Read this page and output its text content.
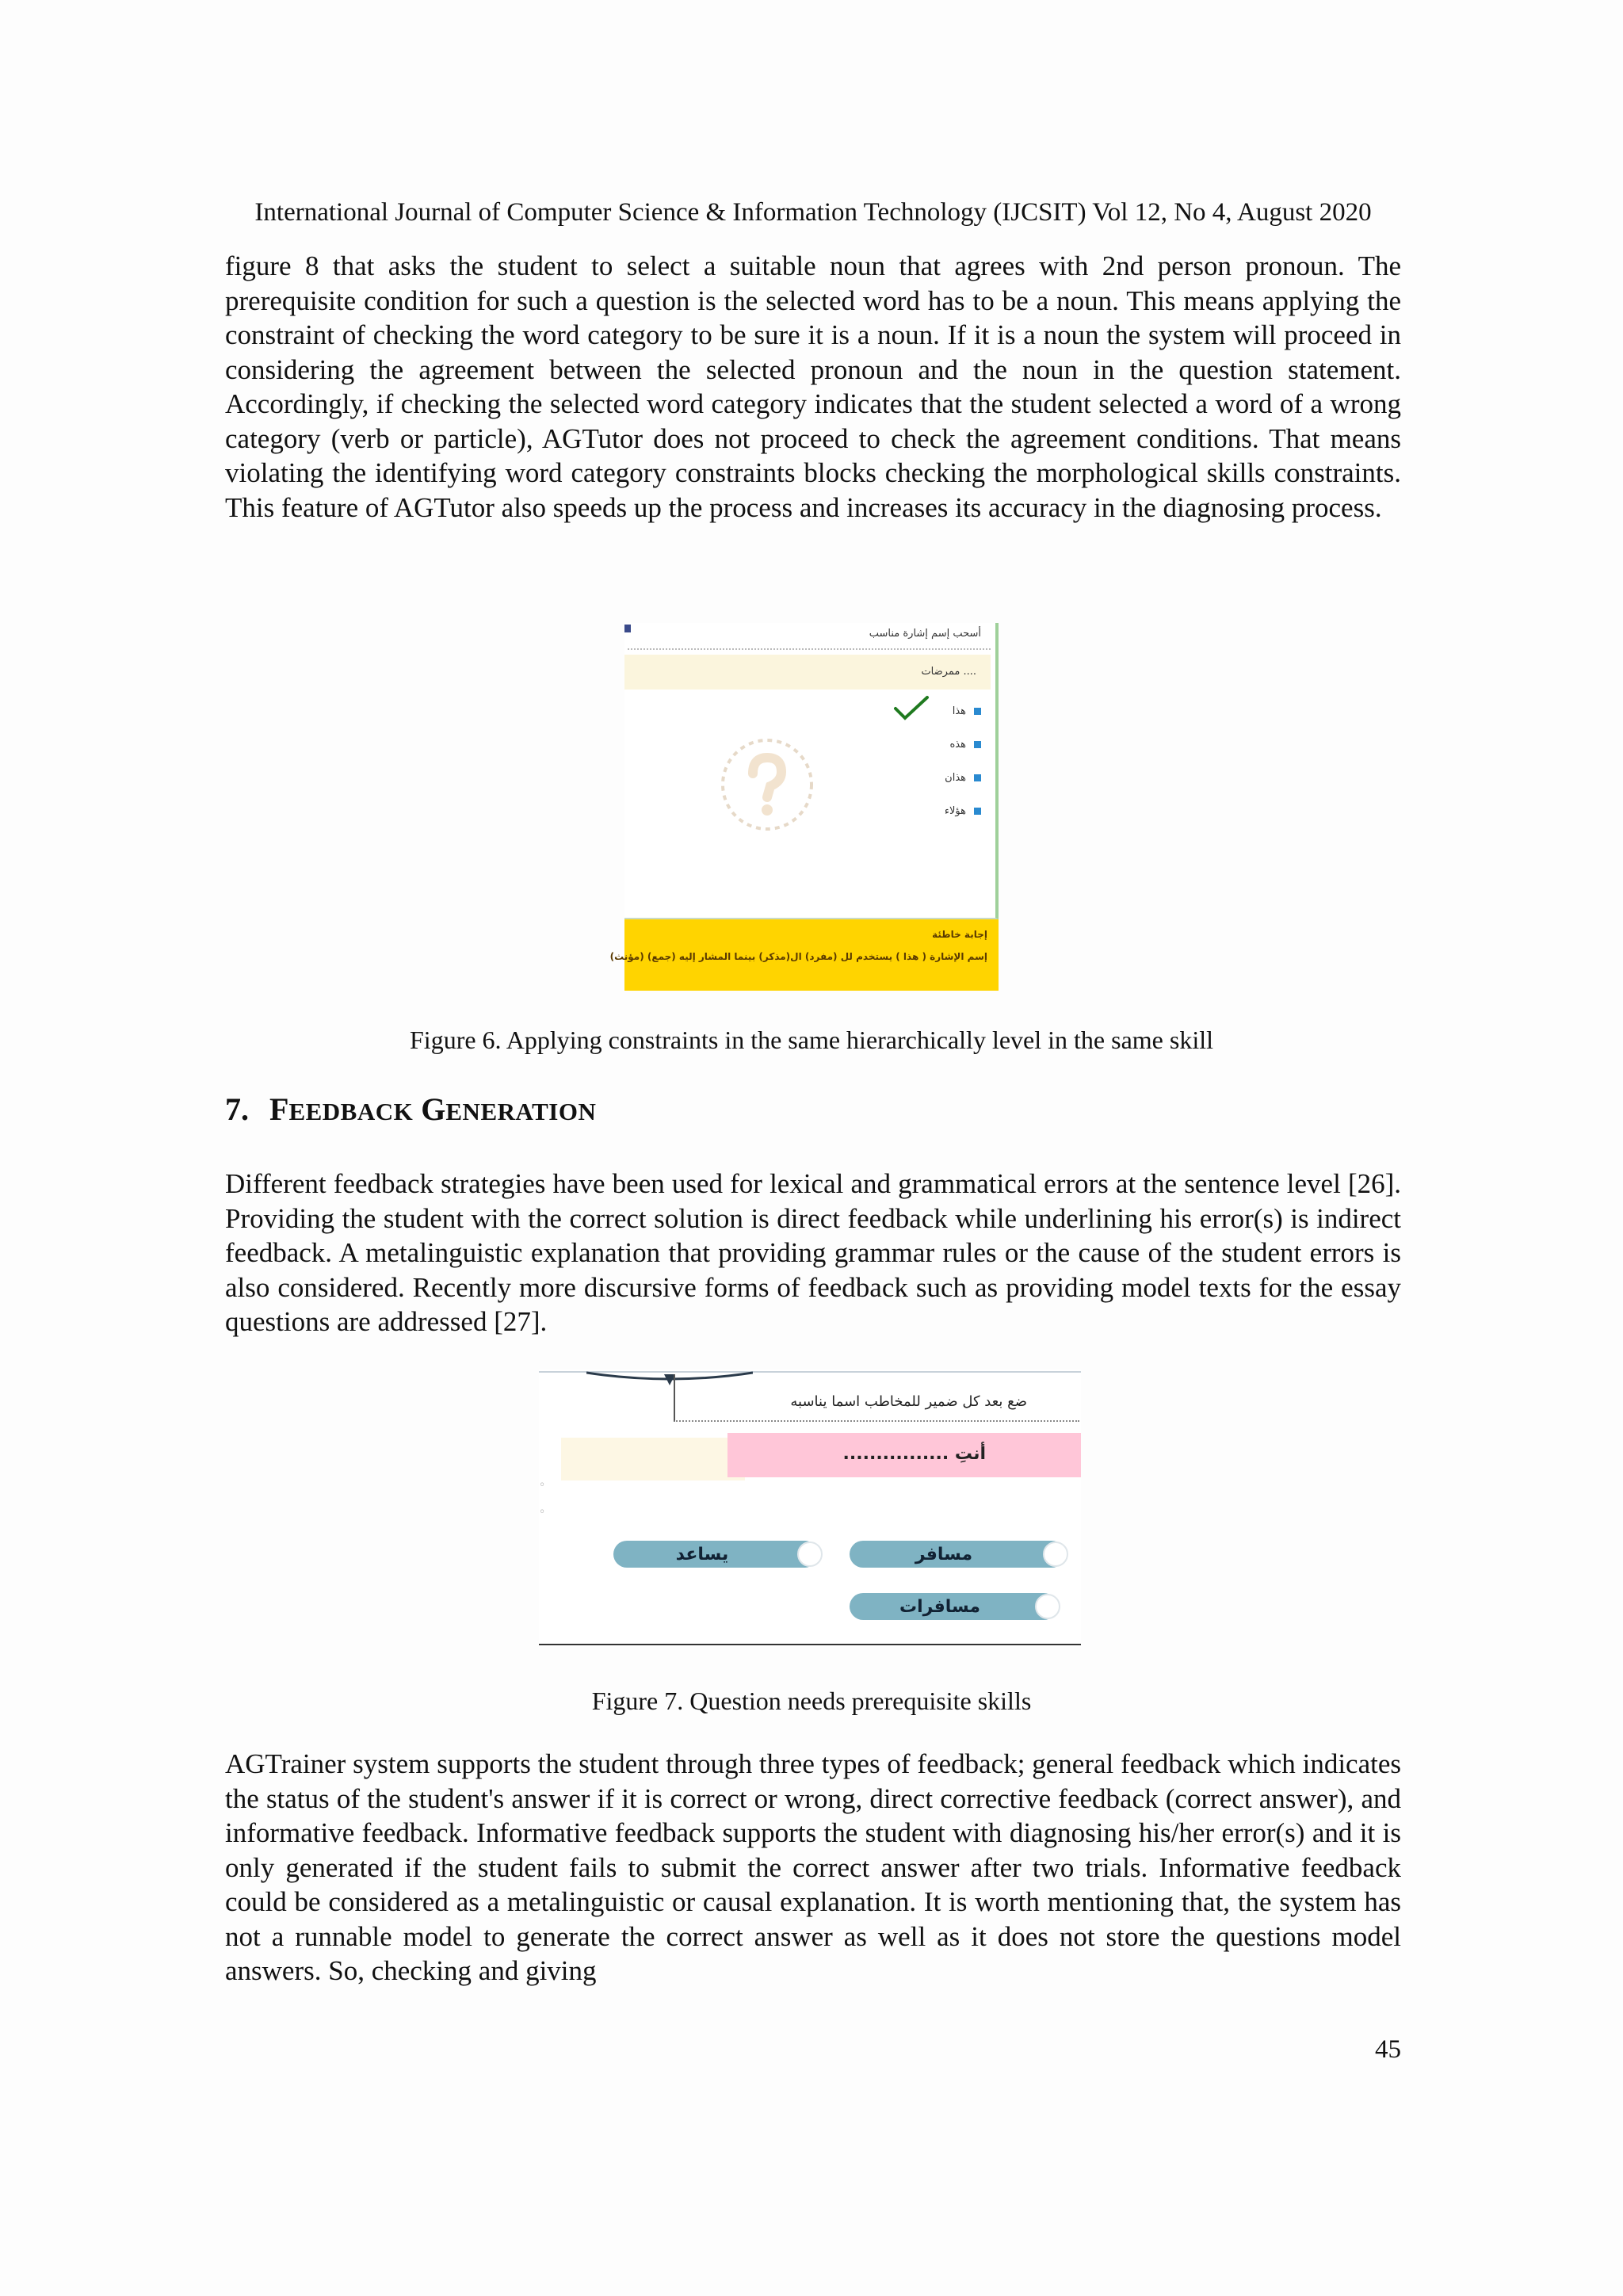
International Journal of Computer Science & Information Technology (IJCSIT) Vol 12, No 4, August 2020

figure 8 that asks the student to select a suitable noun that agrees with 2nd person pronoun. The prerequisite condition for such a question is the selected word has to be a noun. This means applying the constraint of checking the word category to be sure it is a noun. If it is a noun the system will proceed in considering the agreement between the selected pronoun and the noun in the question statement. Accordingly, if checking the selected word category indicates that the student selected a word of a wrong category (verb or particle), AGTutor does not proceed to check the agreement conditions. That means violating the identifying word category constraints blocks checking the morphological skills constraints. This feature of AGTutor also speeds up the process and increases its accuracy in the diagnosing process.

أسحب إسم إشارة مناسب
.... ممرضات
هذا
هذه
هذان
هؤلاء
إجابة خاطئة
إسم الإشارة ( هذا ) يستخدم لل (مفرد) ال(مذكر) بينما المشار إليه (جمع) (مؤنث)
Figure 6. Applying constraints in the same hierarchically level in the same skill
7. FEEDBACK GENERATION

Different feedback strategies have been used for lexical and grammatical errors at the sentence level [26]. Providing the student with the correct solution is direct feedback while underlining his error(s) is indirect feedback. A metalinguistic explanation that providing grammar rules or the cause of the student errors is also considered. Recently more discursive forms of feedback such as providing model texts for the essay questions are addressed [27].

ضع بعد كل ضمير للمخاطب اسما يناسبه
أنتِ ................
◦
◦
يساعد	مسافر
مسافرات
Figure 7. Question needs prerequisite skills

AGTrainer system supports the student through three types of feedback; general feedback which indicates the status of the student's answer if it is correct or wrong, direct corrective feedback (correct answer), and informative feedback. Informative feedback supports the student with diagnosing his/her error(s) and it is only generated if the student fails to submit the correct answer after two trials. Informative feedback could be considered as a metalinguistic or causal explanation. It is worth mentioning that, the system has not a runnable model to generate the correct answer as well as it does not store the questions model answers. So, checking and giving

45
